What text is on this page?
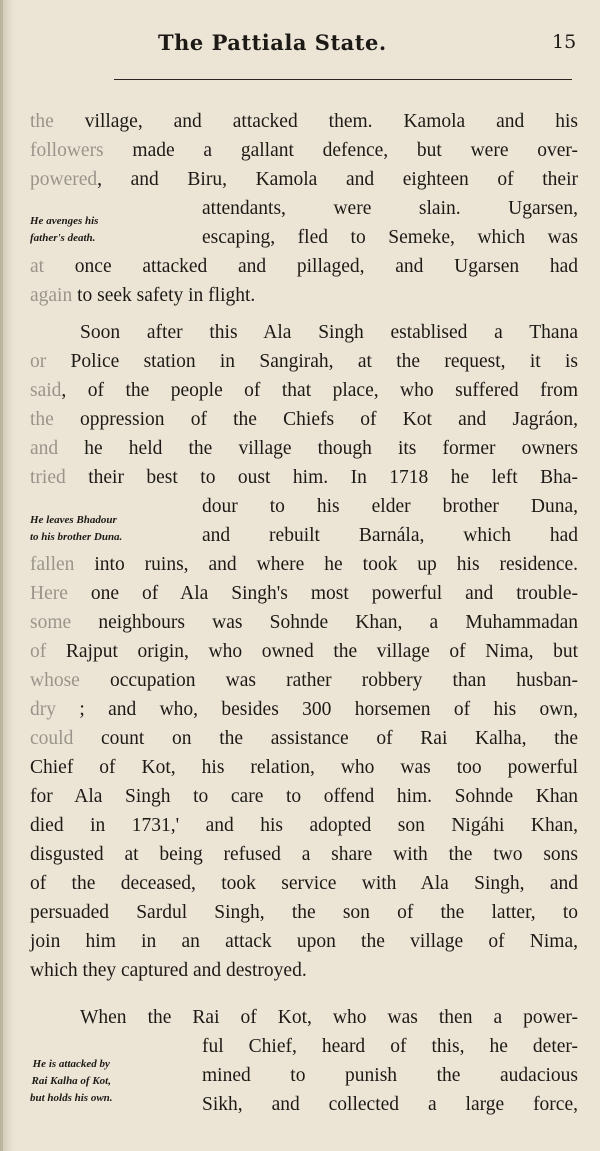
The Pattiala State.	15
the village, and attacked them. Kamola and his
followers made a gallant defence, but were over-
powered, and Biru, Kamola and eighteen of their
attendants, were slain. Ugarsen,
escaping, fled to Semeke, which was
at once attacked and pillaged, and Ugarsen had
again to seek safety in flight.
Soon after this Ala Singh establised a Thana
or Police station in Sangirah, at the request, it is
said, of the people of that place, who suffered from
the oppression of the Chiefs of Kot and Jagráon,
and he held the village though its former owners
tried their best to oust him. In 1718 he left Bha-
dour to his elder brother Duna,
and rebuilt Barnála, which had
fallen into ruins, and where he took up his residence.
Here one of Ala Singh's most powerful and trouble-
some neighbours was Sohnde Khan, a Muhammadan
of Rajput origin, who owned the village of Nima, but
whose occupation was rather robbery than husban-
dry ; and who, besides 300 horsemen of his own,
could count on the assistance of Rai Kalha, the
Chief of Kot, his relation, who was too powerful
for Ala Singh to care to offend him. Sohnde Khan
died in 1731,' and his adopted son Nigáhi Khan,
disgusted at being refused a share with the two sons
of the deceased, took service with Ala Singh, and
persuaded Sardul Singh, the son of the latter, to
join him in an attack upon the village of Nima,
which they captured and destroyed.
When the Rai of Kot, who was then a power-
ful Chief, heard of this, he deter-
mined to punish the audacious
Sikh, and collected a large force,
He avenges his
father's death.
He leaves Bhadour
to his brother Duna.
He is attacked by
Rai Kalha of Kot,
but holds his own.
